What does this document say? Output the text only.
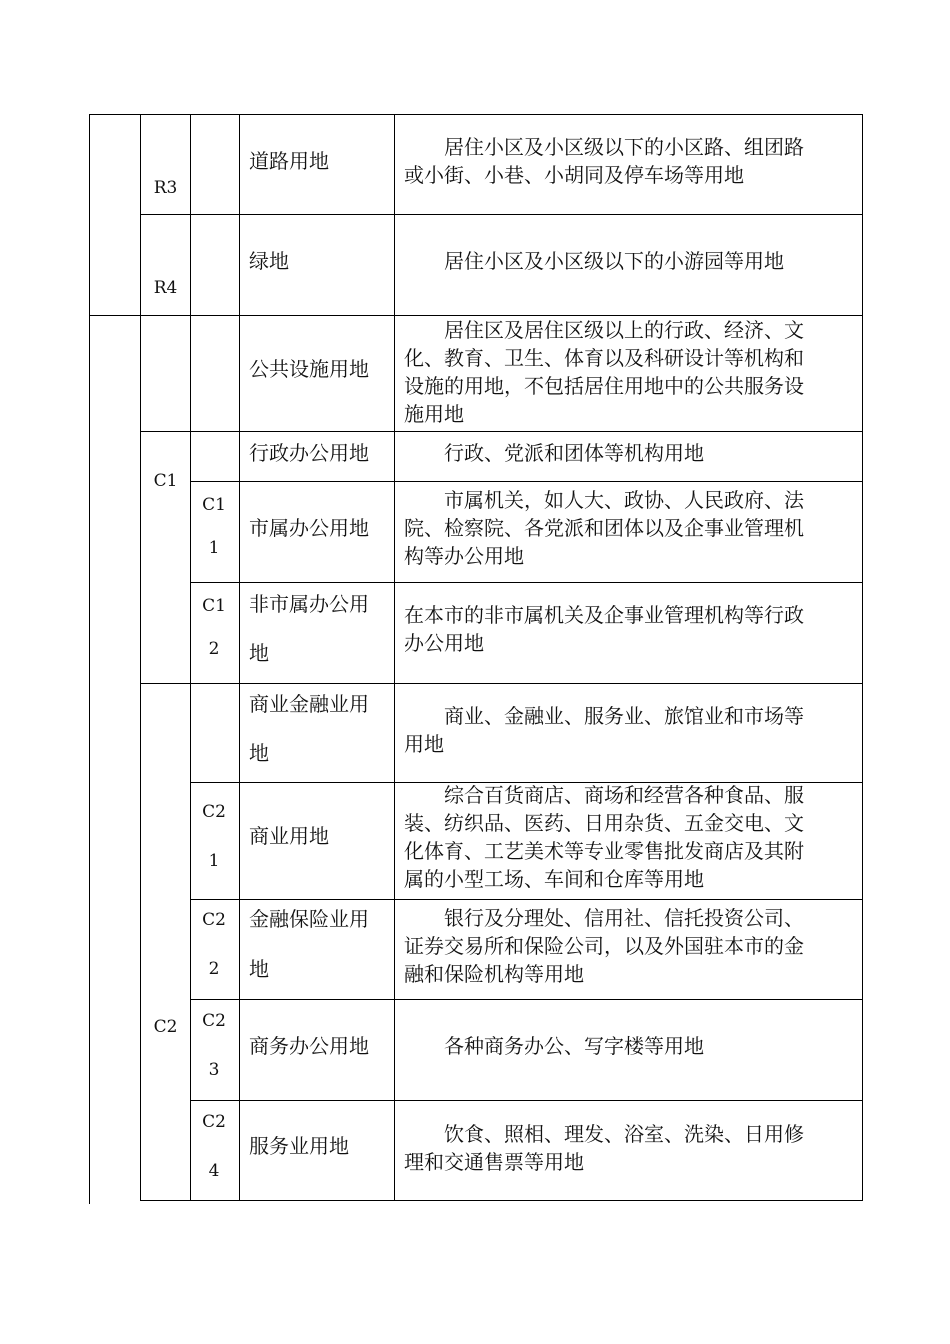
R3
道路用地
　　居住小区及小区级以下的小区路、组团路
或小街、小巷、小胡同及停车场等用地
R4
绿地	　　居住小区及小区级以下的小游园等用地
公共设施用地
　　居住区及居住区级以上的行政、经济、文
化、教育、卫生、体育以及科研设计等机构和
设施的用地，不包括居住用地中的公共服务设
施用地
C1
行政办公用地 　　行政、党派和团体等机构用地
C1
1
市属办公用地
　　市属机关，如人大、政协、人民政府、法
院、检察院、各党派和团体以及企事业管理机
构等办公用地
C1
2
非市属办公用
地
在本市的非市属机关及企事业管理机构等行政
办公用地
C2
商业金融业用
地
　　商业、金融业、服务业、旅馆业和市场等
用地
C2
1
商业用地
　　综合百货商店、商场和经营各种食品、服
装、纺织品、医药、日用杂货、五金交电、文
化体育、工艺美术等专业零售批发商店及其附
属的小型工场、车间和仓库等用地
C2
2
金融保险业用
地
　　银行及分理处、信用社、信托投资公司、
证券交易所和保险公司，以及外国驻本市的金
融和保险机构等用地
C2
3
商务办公用地 　　各种商务办公、写字楼等用地
C2
4
服务业用地	　　饮食、照相、理发、浴室、洗染、日用修
理和交通售票等用地
